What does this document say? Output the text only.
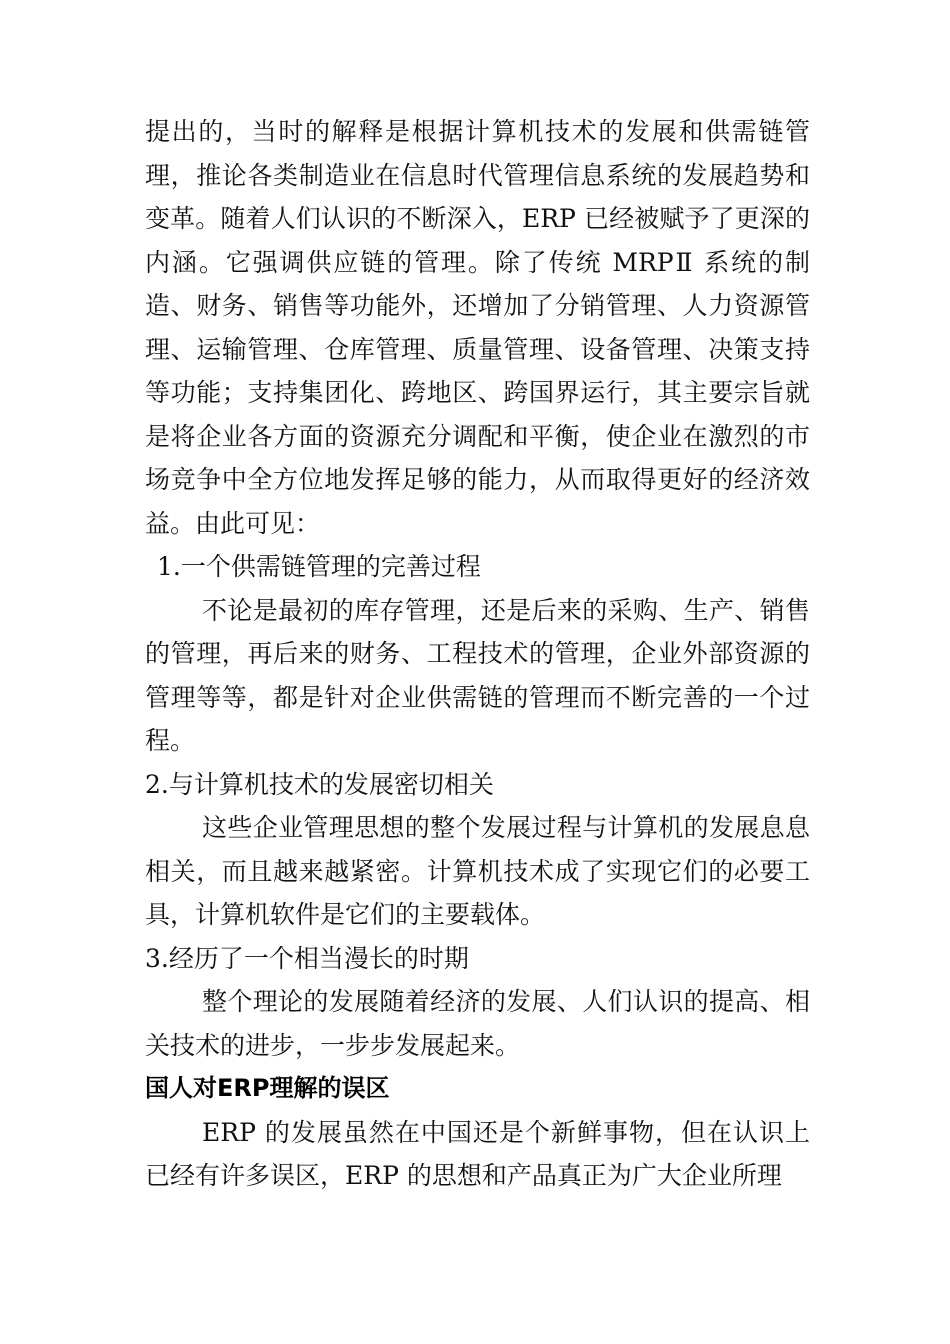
提出的，当时的解释是根据计算机技术的发展和供需链管理，推论各类制造业在信息时代管理信息系统的发展趋势和变革。随着人们认识的不断深入，ERP 已经被赋予了更深的内涵。它强调供应链的管理。除了传统 MRPⅡ 系统的制造、财务、销售等功能外，还增加了分销管理、人力资源管理、运输管理、仓库管理、质量管理、设备管理、决策支持等功能；支持集团化、跨地区、跨国界运行，其主要宗旨就是将企业各方面的资源充分调配和平衡，使企业在激烈的市场竞争中全方位地发挥足够的能力，从而取得更好的经济效益。由此可见：

1.一个供需链管理的完善过程

不论是最初的库存管理，还是后来的采购、生产、销售的管理，再后来的财务、工程技术的管理，企业外部资源的管理等等，都是针对企业供需链的管理而不断完善的一个过程。

2.与计算机技术的发展密切相关

这些企业管理思想的整个发展过程与计算机的发展息息相关，而且越来越紧密。计算机技术成了实现它们的必要工具，计算机软件是它们的主要载体。

3.经历了一个相当漫长的时期

整个理论的发展随着经济的发展、人们认识的提高、相关技术的进步，一步步发展起来。

国人对ERP理解的误区

ERP 的发展虽然在中国还是个新鲜事物，但在认识上已经有许多误区，ERP 的思想和产品真正为广大企业所理
